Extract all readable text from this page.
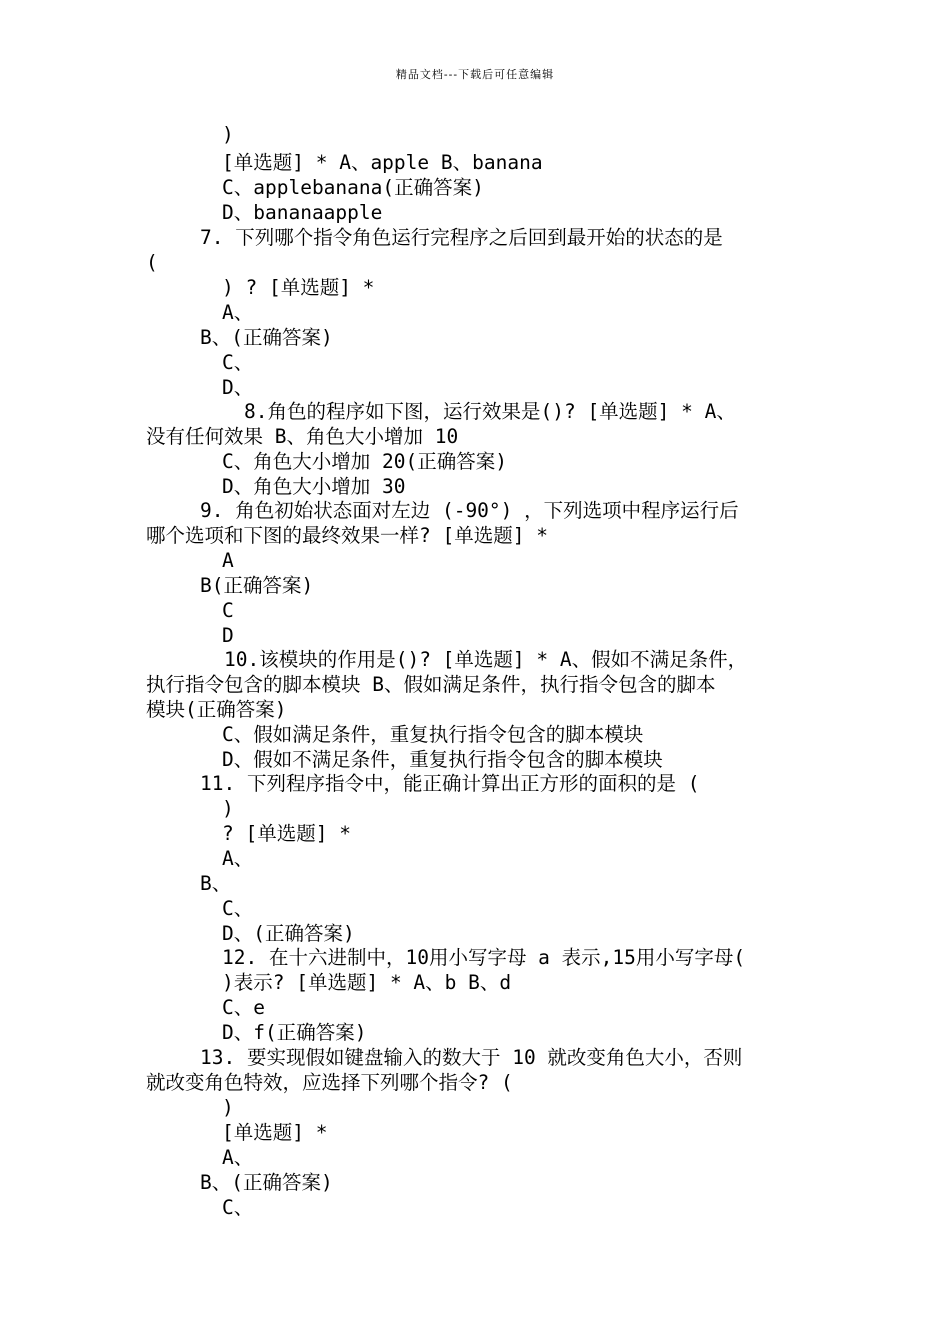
精品文档---下载后可任意编辑
)
[单选题] * A、apple B、banana
C、applebanana(正确答案)
D、bananaapple
7. 下列哪个指令角色运行完程序之后回到最开始的状态的是
(
) ? [单选题] *
A、
B、(正确答案)
C、
D、
8.角色的程序如下图，运行效果是()? [单选题] * A、
没有任何效果 B、角色大小增加 10
C、角色大小增加 20(正确答案)
D、角色大小增加 30
9. 角色初始状态面对左边 (-90°) ，下列选项中程序运行后
哪个选项和下图的最终效果一样? [单选题] *
A
B(正确答案)
C
D
10.该模块的作用是()? [单选题] * A、假如不满足条件，
执行指令包含的脚本模块 B、假如满足条件，执行指令包含的脚本
模块(正确答案)
C、假如满足条件，重复执行指令包含的脚本模块
D、假如不满足条件，重复执行指令包含的脚本模块
11. 下列程序指令中，能正确计算出正方形的面积的是 (
)
? [单选题] *
A、
B、
C、
D、(正确答案)
12. 在十六进制中，10用小写字母 a 表示,15用小写字母(
)表示? [单选题] * A、b B、d
C、e
D、f(正确答案)
13. 要实现假如键盘输入的数大于 10 就改变角色大小，否则
就改变角色特效，应选择下列哪个指令? (
)
[单选题] *
A、
B、(正确答案)
C、
